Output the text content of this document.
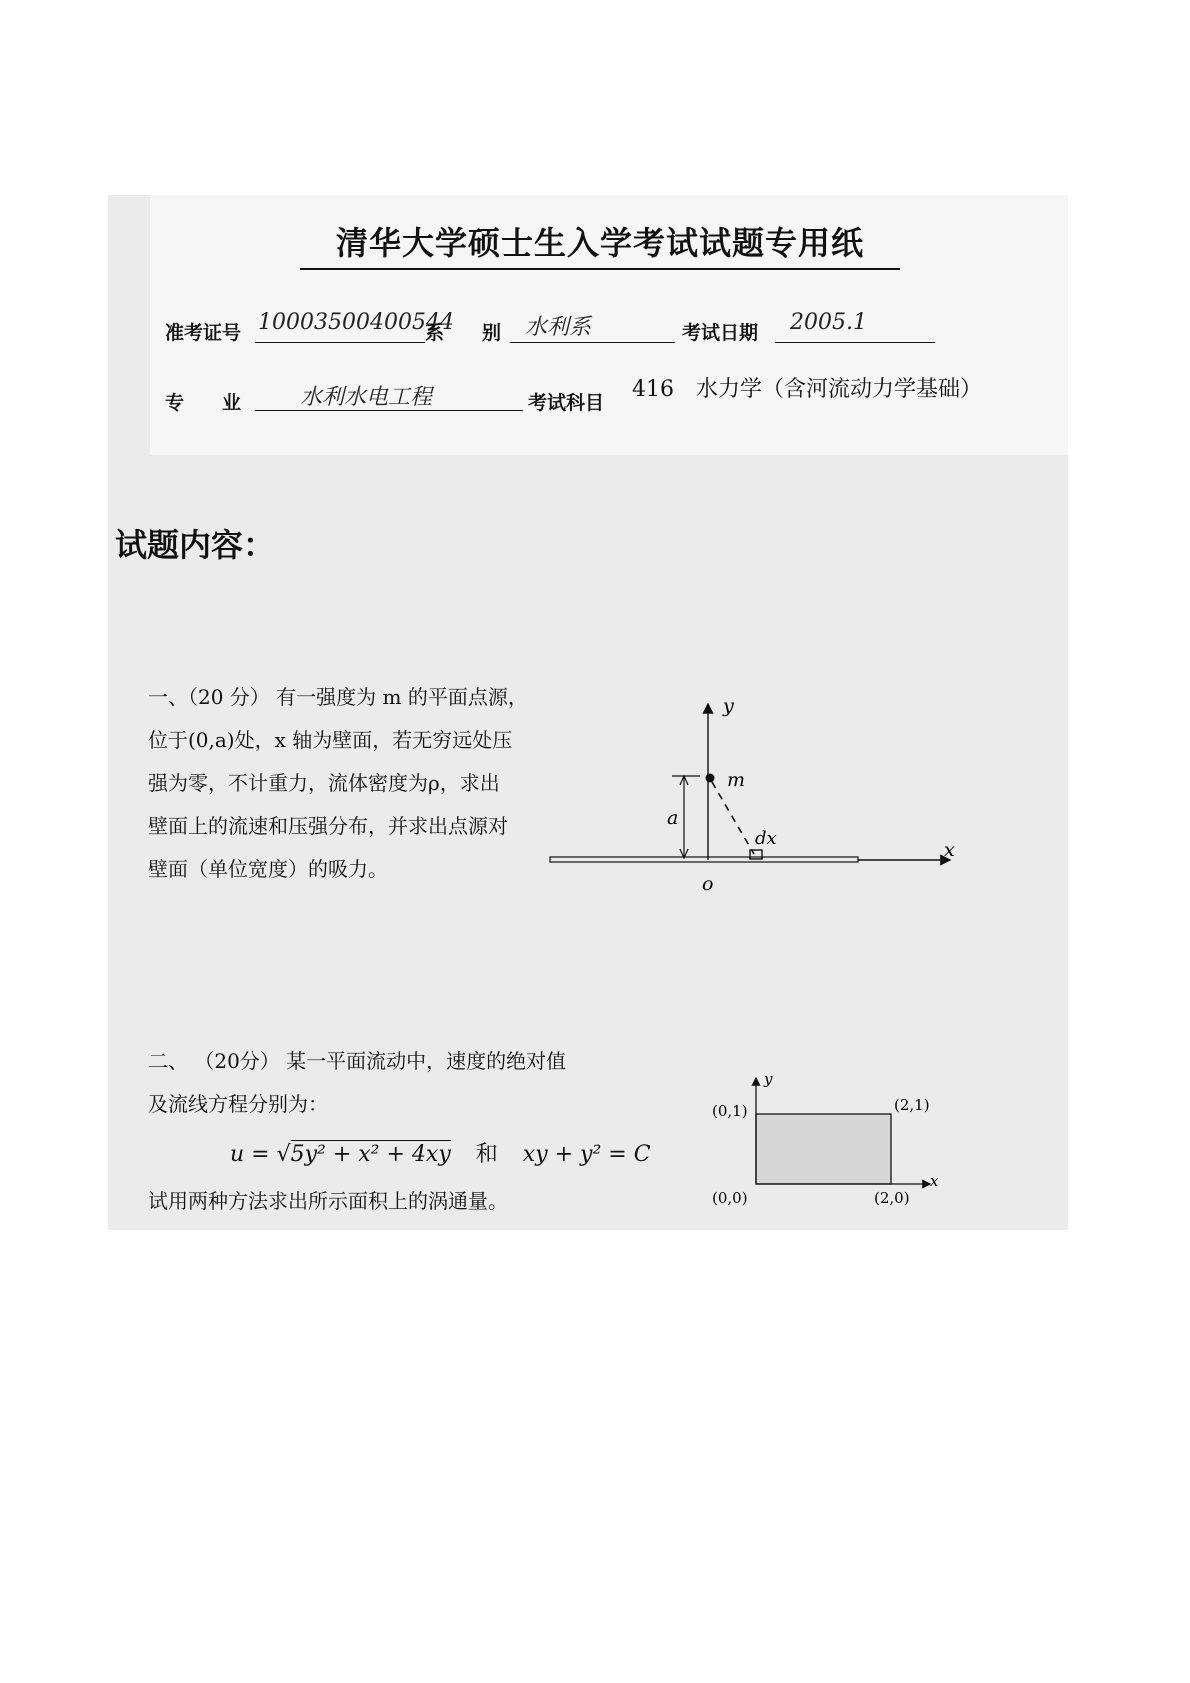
清华大学硕士生入学考试试题专用纸
准考证号 10003500400544
系　　别 水利系	考试日期 2005.1
专　　业	水利水电工程	考试科目
416　水力学（含河流动力学基础）
试题内容：

一、（20 分） 有一强度为 m 的平面点源，

位于(0,a)处，x 轴为壁面，若无穷远处压

强为零，不计重力，流体密度为ρ，求出

壁面上的流速和压强分布，并求出点源对

壁面（单位宽度）的吸力。

y
m
a
dx
x
o

二、 （20分） 某一平面流动中，速度的绝对值

及流线方程分别为：

u = √5y² + x² + 4xy 和 xy + y² = C

试用两种方法求出所示面积上的涡通量。

y
x
(0,1)	(2,1)
(0,0)	(2,0)
